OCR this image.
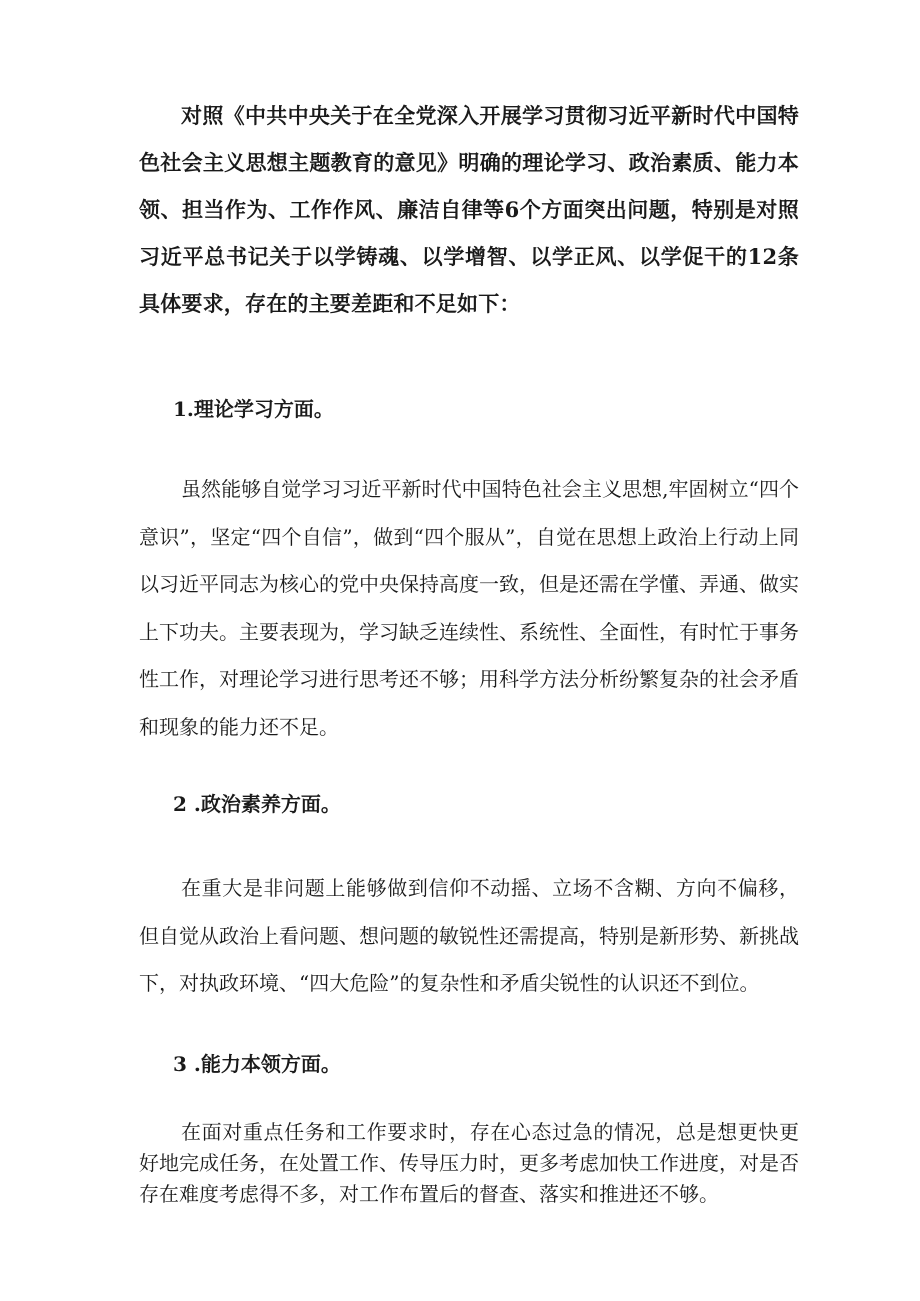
对照《中共中央关于在全党深入开展学习贯彻习近平新时代中国特色社会主义思想主题教育的意见》明确的理论学习、政治素质、能力本领、担当作为、工作作风、廉洁自律等6个方面突出问题，特别是对照习近平总书记关于以学铸魂、以学增智、以学正风、以学促干的12条具体要求，存在的主要差距和不足如下：

1.理论学习方面。

虽然能够自觉学习习近平新时代中国特色社会主义思想,牢固树立“四个意识”，坚定“四个自信”，做到“四个服从”，自觉在思想上政治上行动上同以习近平同志为核心的党中央保持高度一致，但是还需在学懂、弄通、做实上下功夫。主要表现为，学习缺乏连续性、系统性、全面性，有时忙于事务性工作，对理论学习进行思考还不够；用科学方法分析纷繁复杂的社会矛盾和现象的能力还不足。

2 .政治素养方面。

在重大是非问题上能够做到信仰不动摇、立场不含糊、方向不偏移，但自觉从政治上看问题、想问题的敏锐性还需提高，特别是新形势、新挑战下，对执政环境、“四大危险”的复杂性和矛盾尖锐性的认识还不到位。

3 .能力本领方面。

在面对重点任务和工作要求时，存在心态过急的情况，总是想更快更好地完成任务，在处置工作、传导压力时，更多考虑加快工作进度，对是否存在难度考虑得不多，对工作布置后的督查、落实和推进还不够。
